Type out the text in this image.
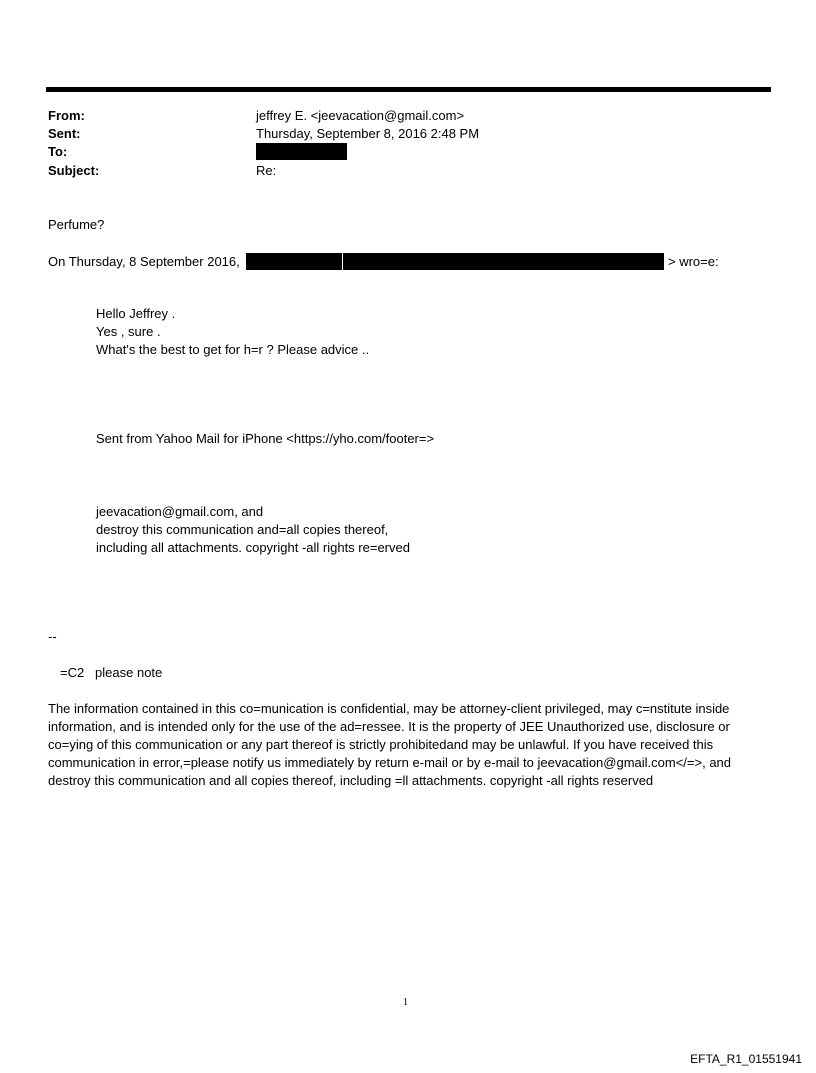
From:	jeffrey E. <jeevacation@gmail.com>
Sent:	Thursday, September 8, 2016 2:48 PM
To:
Subject:	Re:
Perfume?
On Thursday, 8 September 2016,	> wro=e:
Hello Jeffrey .
Yes , sure .
What's the best to get for h=r ? Please advice ..
Sent from Yahoo Mail for iPhone <https://yho.com/footer=>
jeevacation@gmail.com, and
destroy this communication and=all copies thereof,
including all attachments. copyright -all rights re=erved
--
=C2   please note
The information contained in this co=munication is confidential, may be attorney-client privileged, may c=nstitute inside information, and is intended only for the use of the ad=ressee. It is the property of JEE Unauthorized use, disclosure or co=ying of this communication or any part thereof is strictly prohibitedand may be unlawful. If you have received this communication in error,=please notify us immediately by return e-mail or by e-mail to jeevacation@gmail.com</=>, and destroy this communication and all copies thereof, including =ll attachments. copyright -all rights reserved
1
EFTA_R1_01551941
